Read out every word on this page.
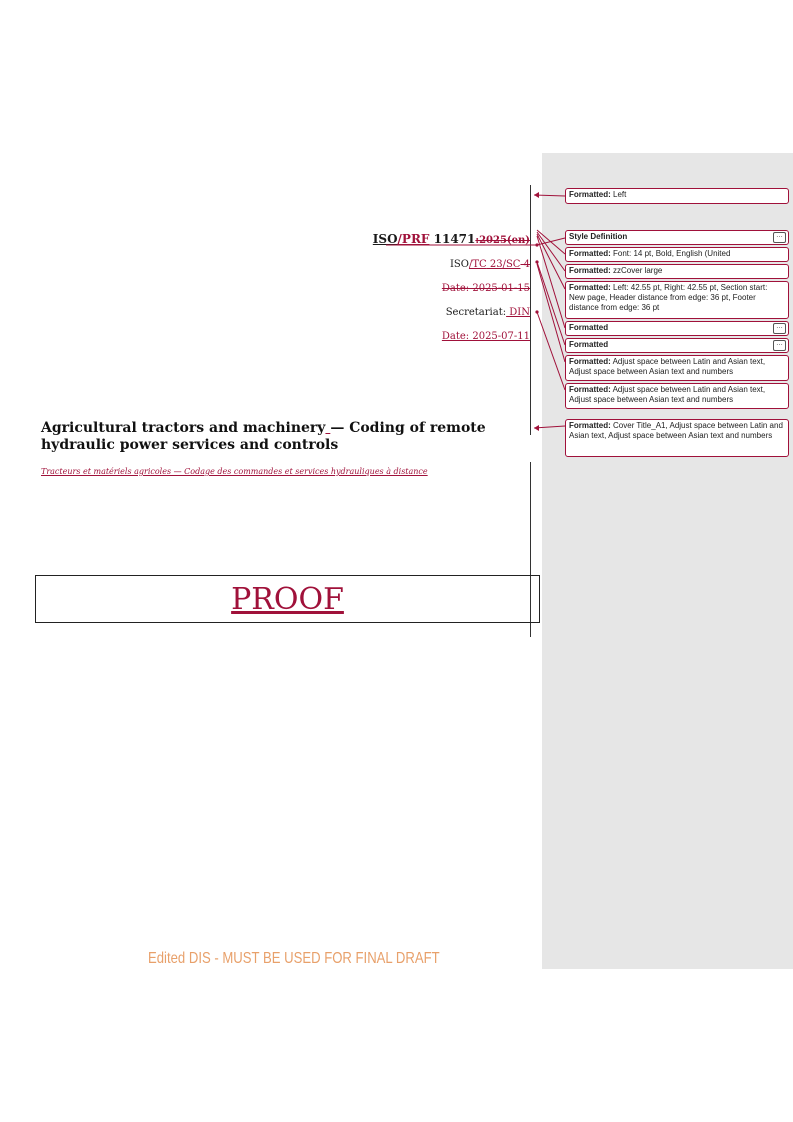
ISO/PRF 11471:2025(en)
ISO/TC 23/SC 4
Date: 2025-01-15
Secretariat: DIN
Date: 2025-07-11
Agricultural tractors and machinery — Coding of remote hydraulic power services and controls
Tracteurs et matériels agricoles — Codage des commandes et services hydrauliques à distance
PROOF
Edited DIS - MUST BE USED FOR FINAL DRAFT
Formatted: Left
Style Definition	…
Formatted: Font: 14 pt, Bold, English (United
Formatted: zzCover large
Formatted: Left: 42.55 pt, Right: 42.55 pt, Section start: New page, Header distance from edge: 36 pt, Footer distance from edge: 36 pt
Formatted	…
Formatted	…
Formatted: Adjust space between Latin and Asian text, Adjust space between Asian text and numbers
Formatted: Adjust space between Latin and Asian text, Adjust space between Asian text and numbers
Formatted: Cover Title_A1, Adjust space between Latin and Asian text, Adjust space between Asian text and numbers
